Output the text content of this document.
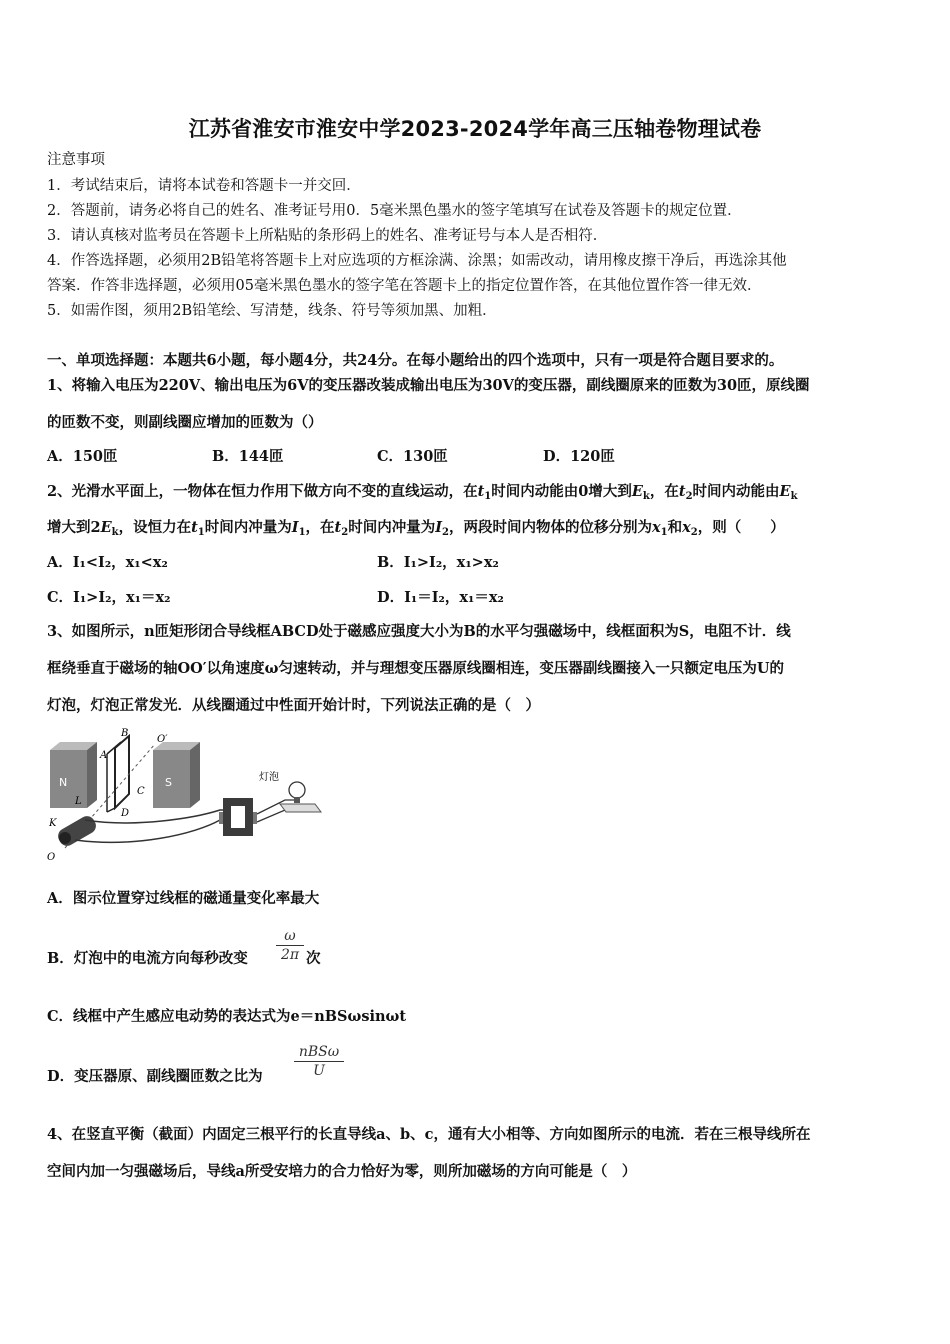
江苏省淮安市淮安中学2023-2024学年高三压轴卷物理试卷
注意事项
1．考试结束后，请将本试卷和答题卡一并交回．
2．答题前，请务必将自己的姓名、准考证号用0．5毫米黑色墨水的签字笔填写在试卷及答题卡的规定位置．
3．请认真核对监考员在答题卡上所粘贴的条形码上的姓名、准考证号与本人是否相符．
4．作答选择题，必须用2B铅笔将答题卡上对应选项的方框涂满、涂黑；如需改动，请用橡皮擦干净后，再选涂其他
答案．作答非选择题，必须用05毫米黑色墨水的签字笔在答题卡上的指定位置作答，在其他位置作答一律无效．
5．如需作图，须用2B铅笔绘、写清楚，线条、符号等须加黑、加粗．
一、单项选择题：本题共6小题，每小题4分，共24分。在每小题给出的四个选项中，只有一项是符合题目要求的。
1、将输入电压为220V、输出电压为6V的变压器改装成输出电压为30V的变压器，副线圈原来的匝数为30匝，原线圈
的匝数不变，则副线圈应增加的匝数为（）
A．150匝	B．144匝	C．130匝	D．120匝
2、光滑水平面上，一物体在恒力作用下做方向不变的直线运动，在$t_1$时间内动能由0增大到$E_k$，在$t_2$时间内动能由$E_k$
增大到$2E_k$，设恒力在$t_1$时间内冲量为$I_1$，在$t_2$时间内冲量为$I_2$，两段时间内物体的位移分别为$x_1$和$x_2$，则（　　）
A．I₁<I₂，x₁<x₂	B．I₁>I₂，x₁>x₂
C．I₁>I₂，x₁＝x₂	D．I₁＝I₂，x₁＝x₂
3、如图所示，n匝矩形闭合导线框ABCD处于磁感应强度大小为B的水平匀强磁场中，线框面积为S，电阻不计．线
框绕垂直于磁场的轴OO′以角速度ω匀速转动，并与理想变压器原线圈相连，变压器副线圈接入一只额定电压为U的
灯泡，灯泡正常发光．从线圈通过中性面开始计时，下列说法正确的是（　）
N	S
A
B
C
D
O′
L
K
O
灯泡
A．图示位置穿过线框的磁通量变化率最大
B．灯泡中的电流方向每秒改变
ω
2π 次
C．线框中产生感应电动势的表达式为e＝nBSωsinωt
D．变压器原、副线圈匝数之比为
nBSω
U
4、在竖直平衡（截面）内固定三根平行的长直导线a、b、c，通有大小相等、方向如图所示的电流．若在三根导线所在
空间内加一匀强磁场后，导线a所受安培力的合力恰好为零，则所加磁场的方向可能是（　）
